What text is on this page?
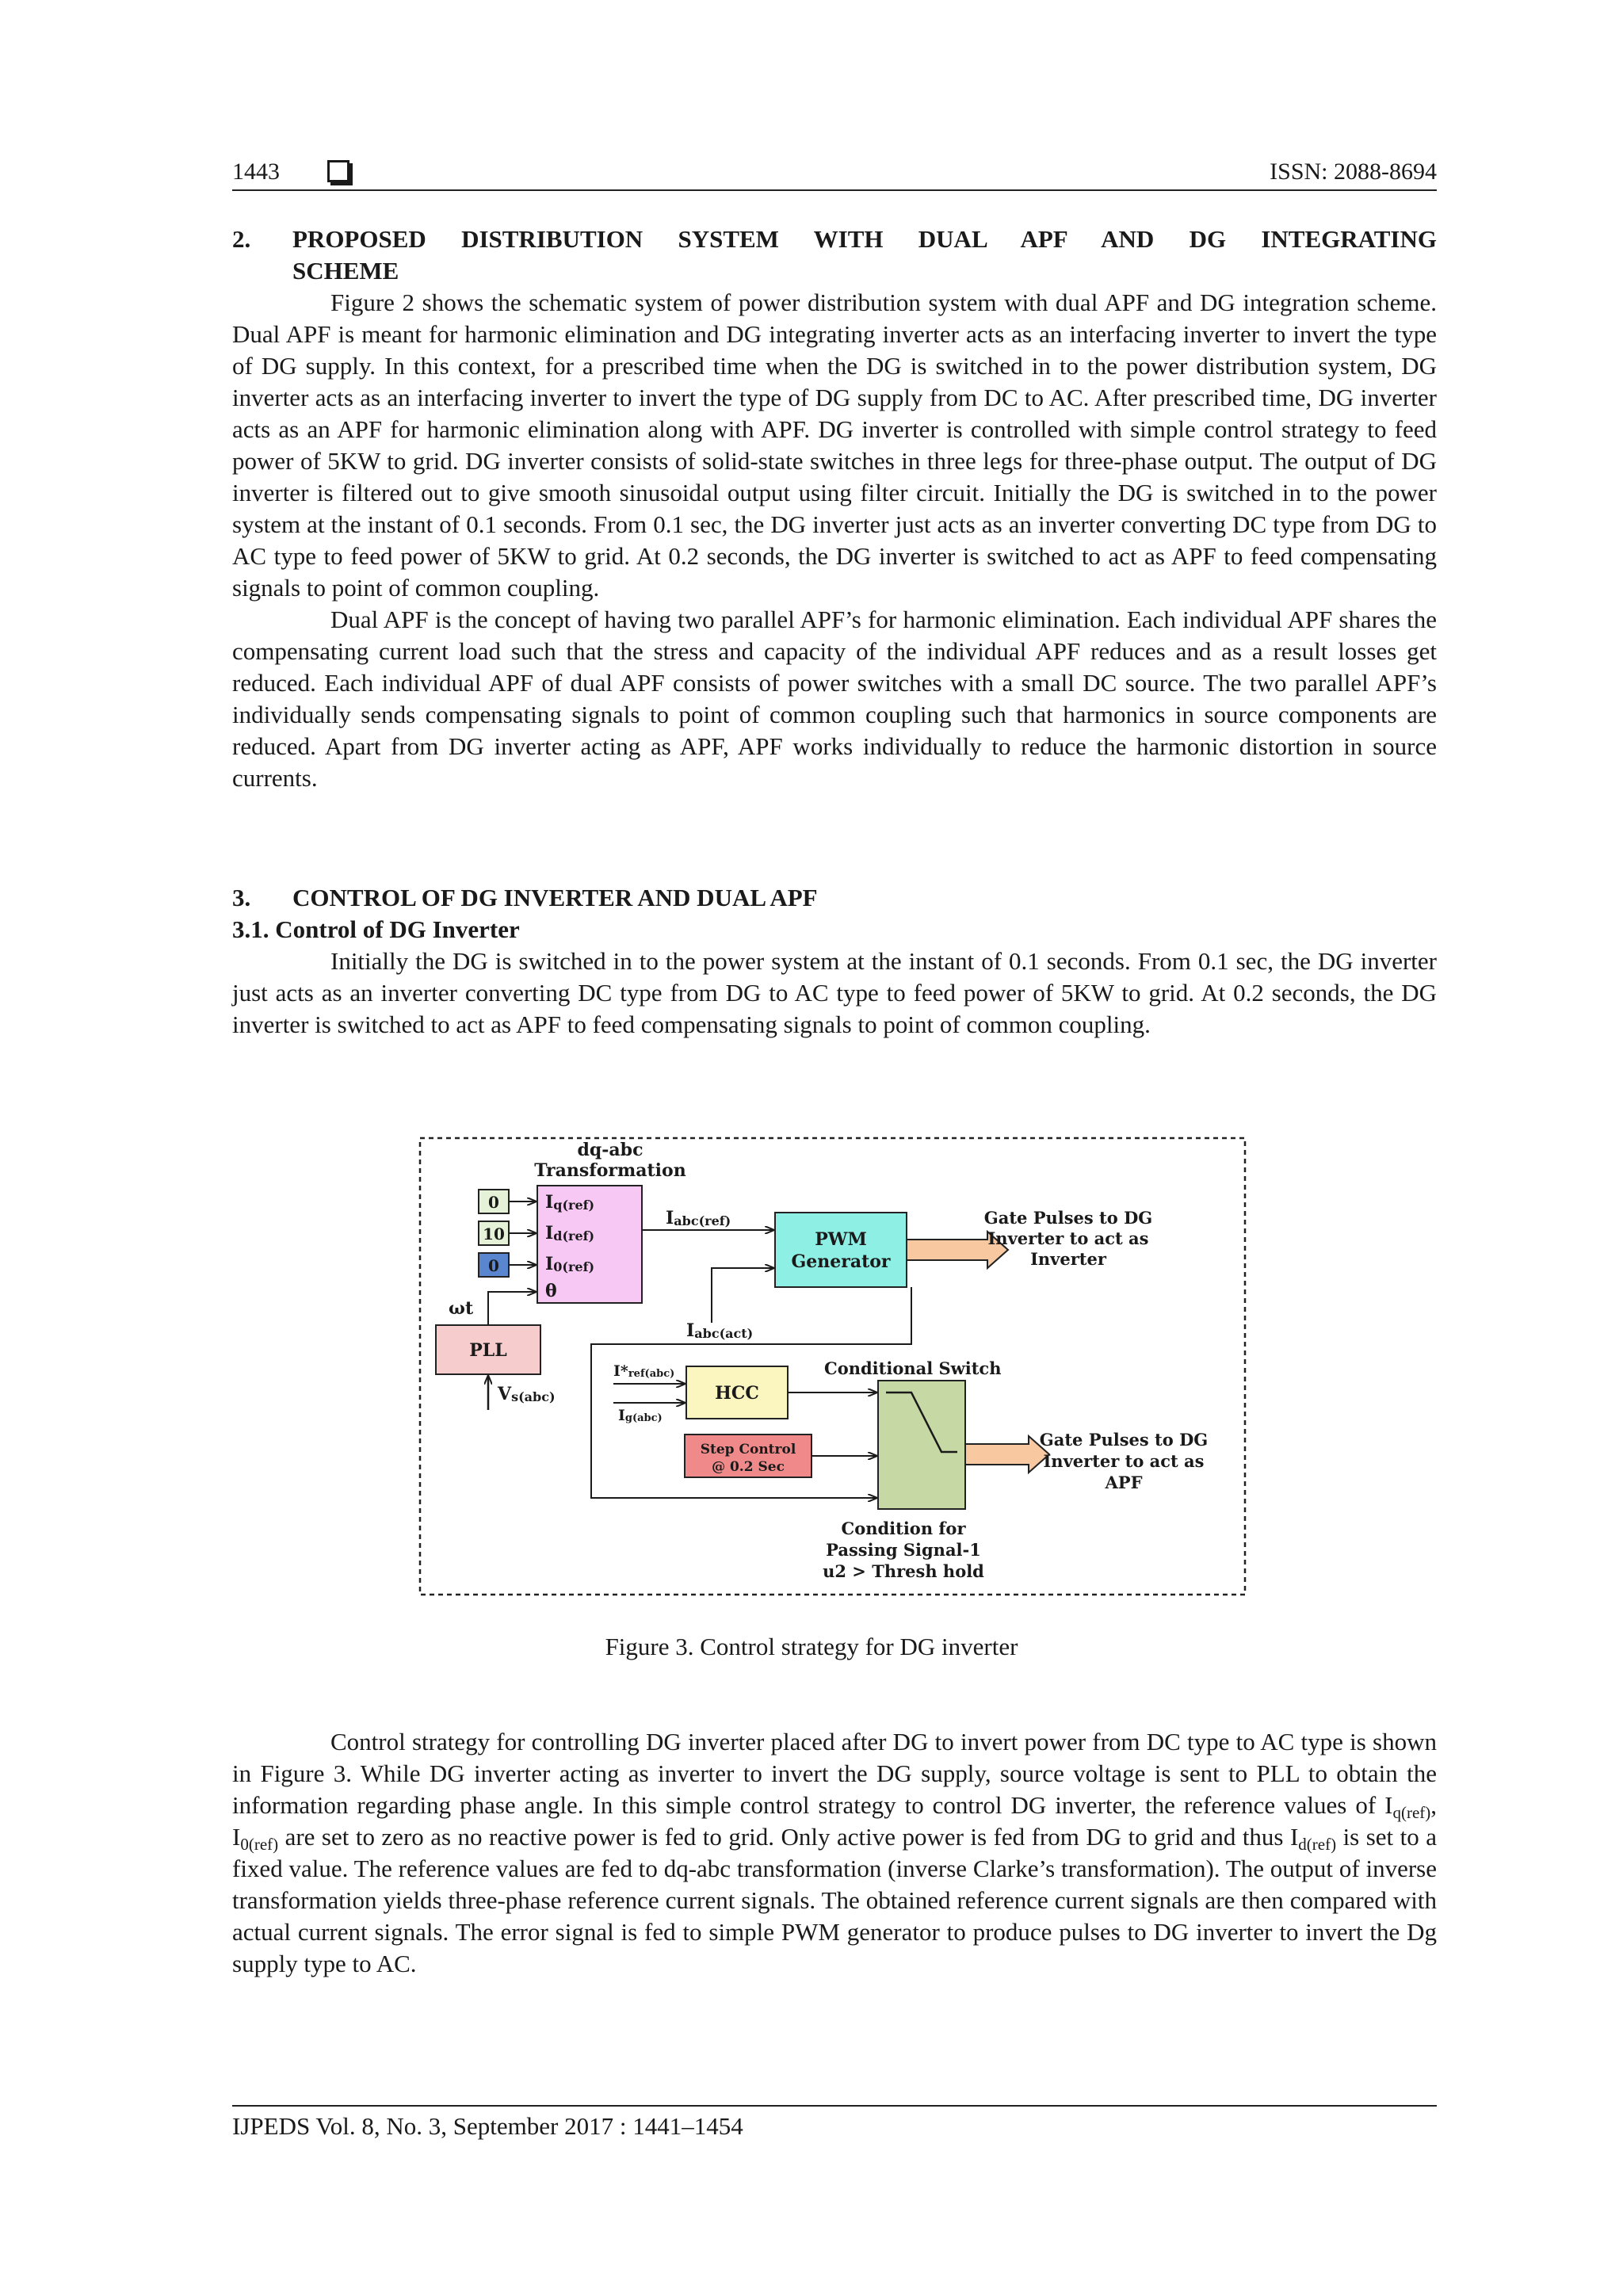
1443	ISSN: 2088-8694
2.	PROPOSED DISTRIBUTION SYSTEM WITH DUAL APF AND DG INTEGRATING
SCHEME

Figure 2 shows the schematic system of power distribution system with dual APF and DG integration scheme. Dual APF is meant for harmonic elimination and DG integrating inverter acts as an interfacing inverter to invert the type of DG supply. In this context, for a prescribed time when the DG is switched in to the power distribution system, DG inverter acts as an interfacing inverter to invert the type of DG supply from DC to AC. After prescribed time, DG inverter acts as an APF for harmonic elimination along with APF. DG inverter is controlled with simple control strategy to feed power of 5KW to grid. DG inverter consists of solid-state switches in three legs for three-phase output. The output of DG inverter is filtered out to give smooth sinusoidal output using filter circuit. Initially the DG is switched in to the power system at the instant of 0.1 seconds. From 0.1 sec, the DG inverter just acts as an inverter converting DC type from DG to AC type to feed power of 5KW to grid. At 0.2 seconds, the DG inverter is switched to act as APF to feed compensating signals to point of common coupling.

Dual APF is the concept of having two parallel APF’s for harmonic elimination. Each individual APF shares the compensating current load such that the stress and capacity of the individual APF reduces and as a result losses get reduced. Each individual APF of dual APF consists of power switches with a small DC source. The two parallel APF’s individually sends compensating signals to point of common coupling such that harmonics in source components are reduced. Apart from DG inverter acting as APF, APF works individually to reduce the harmonic distortion in source currents.

3.	CONTROL OF DG INVERTER AND DUAL APF
3.1. Control of DG Inverter

Initially the DG is switched in to the power system at the instant of 0.1 seconds. From 0.1 sec, the DG inverter just acts as an inverter converting DC type from DG to AC type to feed power of 5KW to grid. At 0.2 seconds, the DG inverter is switched to act as APF to feed compensating signals to point of common coupling.

dq-abc
Transformation
0
10
0
Iq(ref)
Id(ref)
I0(ref)
θ
PLL
ωt
Vs(abc)
Iabc(ref)
PWM
Generator
Iabc(act)
Gate Pulses to DG
Inverter to act as
Inverter
I*ref(abc)
Ig(abc)
HCC
Step Control
@ 0.2 Sec
Conditional Switch
Gate Pulses to DG
Inverter to act as
APF
Condition for
Passing Signal-1
u2 > Thresh hold
Figure 3. Control strategy for DG inverter

Control strategy for controlling DG inverter placed after DG to invert power from DC type to AC type is shown in Figure 3. While DG inverter acting as inverter to invert the DG supply, source voltage is sent to PLL to obtain the information regarding phase angle. In this simple control strategy to control DG inverter, the reference values of $I_{q(ref)}$, $I_{0(ref)}$ are set to zero as no reactive power is fed to grid. Only active power is fed from DG to grid and thus $I_{d(ref)}$ is set to a fixed value. The reference values are fed to dq-abc transformation (inverse Clarke’s transformation). The output of inverse transformation yields three-phase reference current signals. The obtained reference current signals are then compared with actual current signals. The error signal is fed to simple PWM generator to produce pulses to DG inverter to invert the Dg supply type to AC.

IJPEDS Vol. 8, No. 3, September 2017 : 1441–1454
